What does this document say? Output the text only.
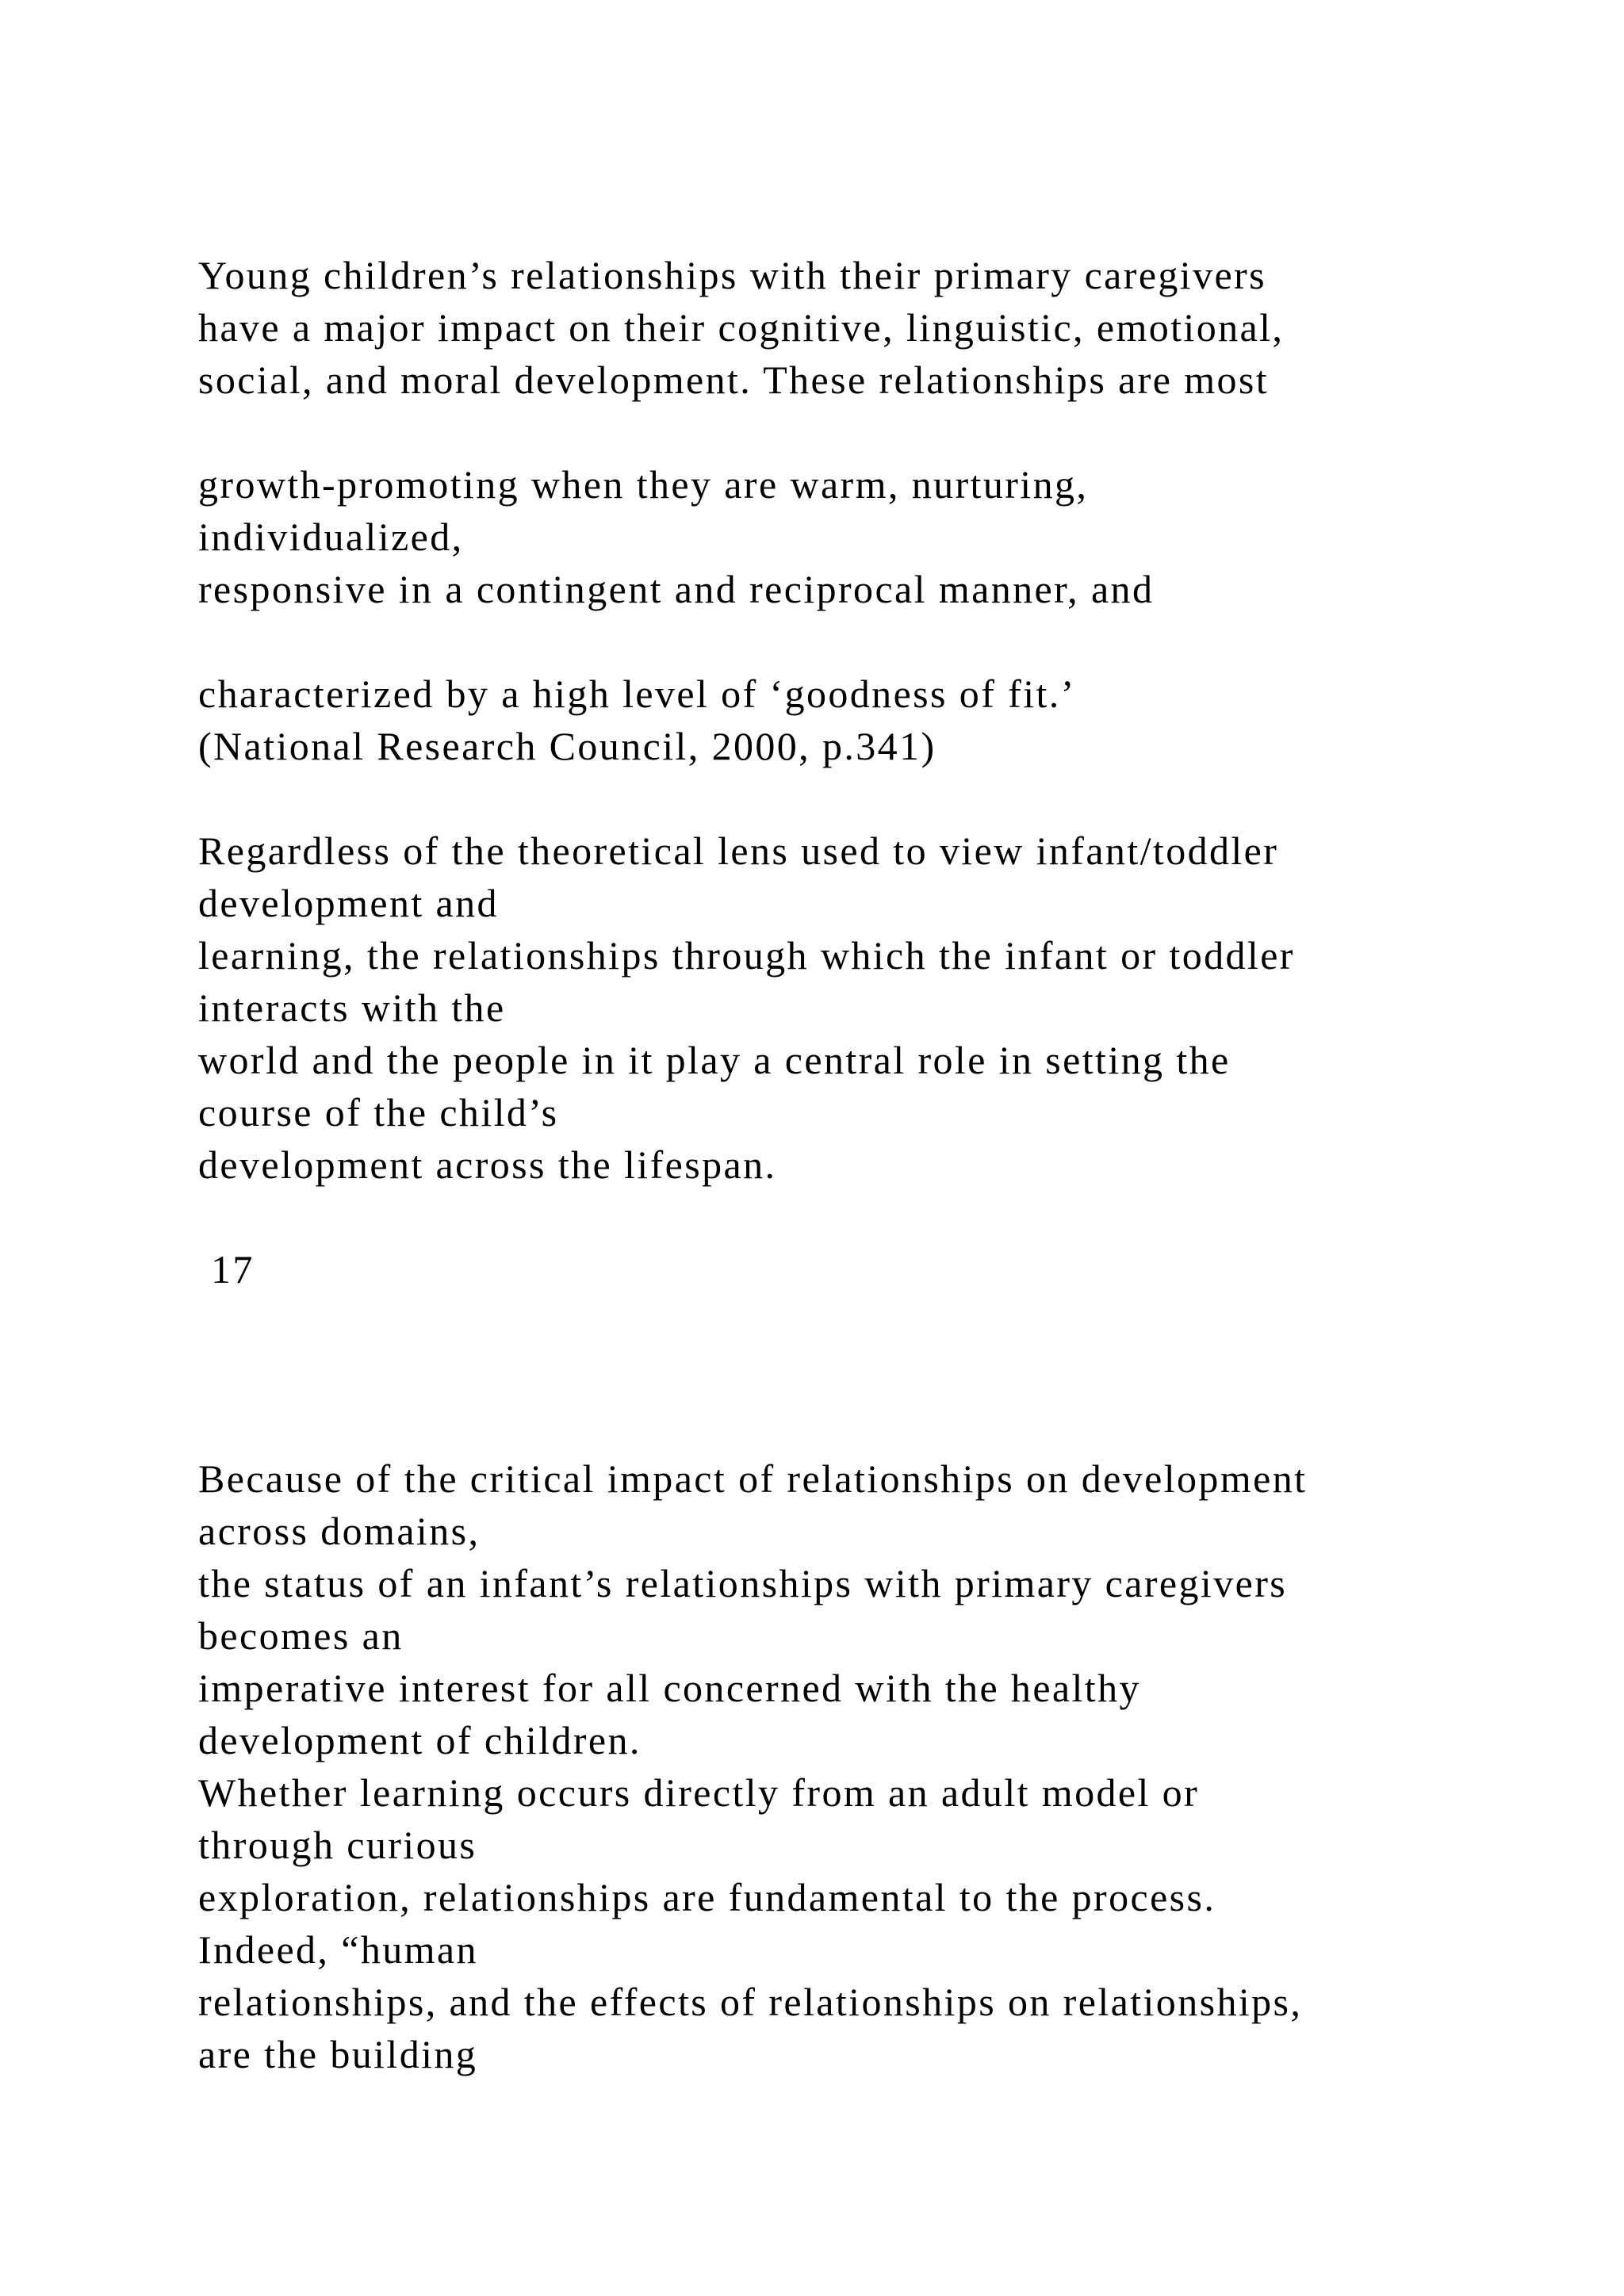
Young children’s relationships with their primary caregivers

have a major impact on their cognitive, linguistic, emotional,

social, and moral development. These relationships are most

growth-promoting when they are warm, nurturing,

individualized,

responsive in a contingent and reciprocal manner, and

characterized by a high level of ‘goodness of fit.’

(National Research Council, 2000, p.341)

Regardless of the theoretical lens used to view infant/toddler

development and

learning, the relationships through which the infant or toddler

interacts with the

world and the people in it play a central role in setting the

course of the child’s

development across the lifespan.

17

Because of the critical impact of relationships on development

across domains,

the status of an infant’s relationships with primary caregivers

becomes an

imperative interest for all concerned with the healthy

development of children.

Whether learning occurs directly from an adult model or

through curious

exploration, relationships are fundamental to the process.

Indeed, “human

relationships, and the effects of relationships on relationships,

are the building
